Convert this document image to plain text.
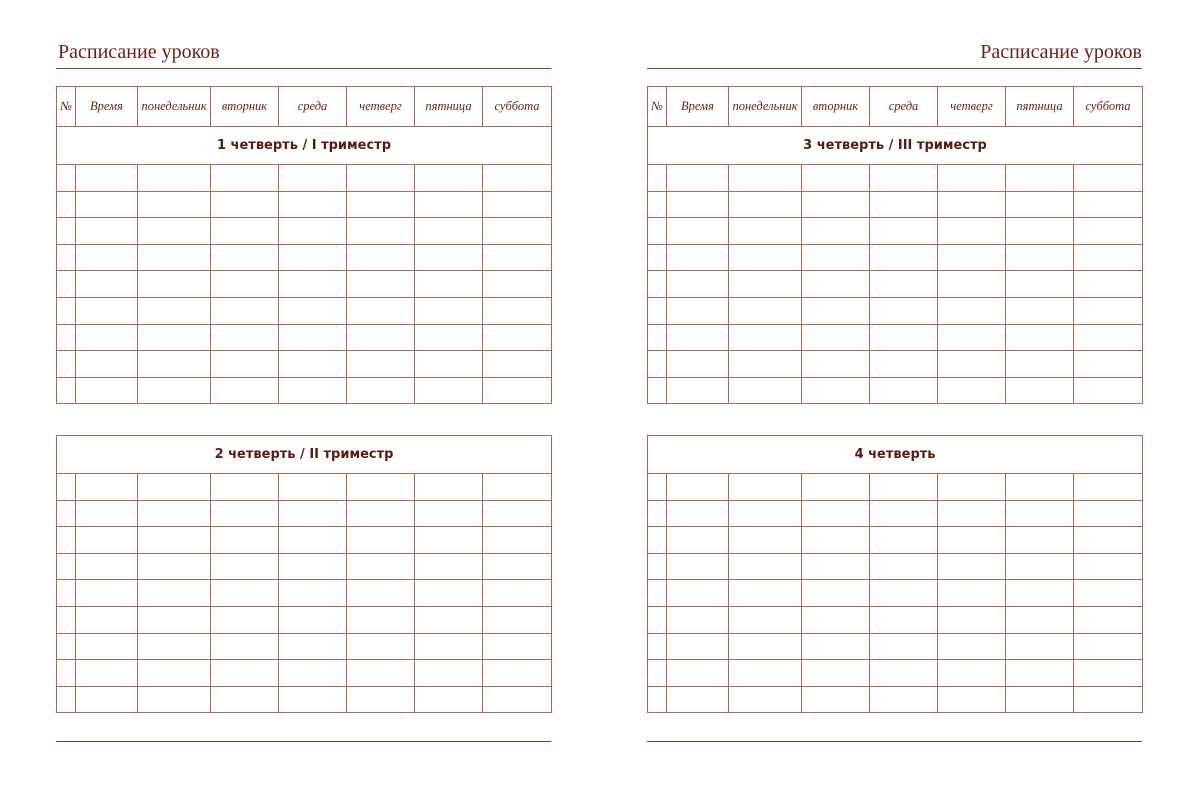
Расписание уроков
№	Время	понедельник	вторник	среда	четверг	пятница	суббота
1 четверть / I триместр							

2 четверть / II триместр							

Расписание уроков
№	Время	понедельник	вторник	среда	четверг	пятница	суббота
3 четверть / III триместр							

4 четверть							
